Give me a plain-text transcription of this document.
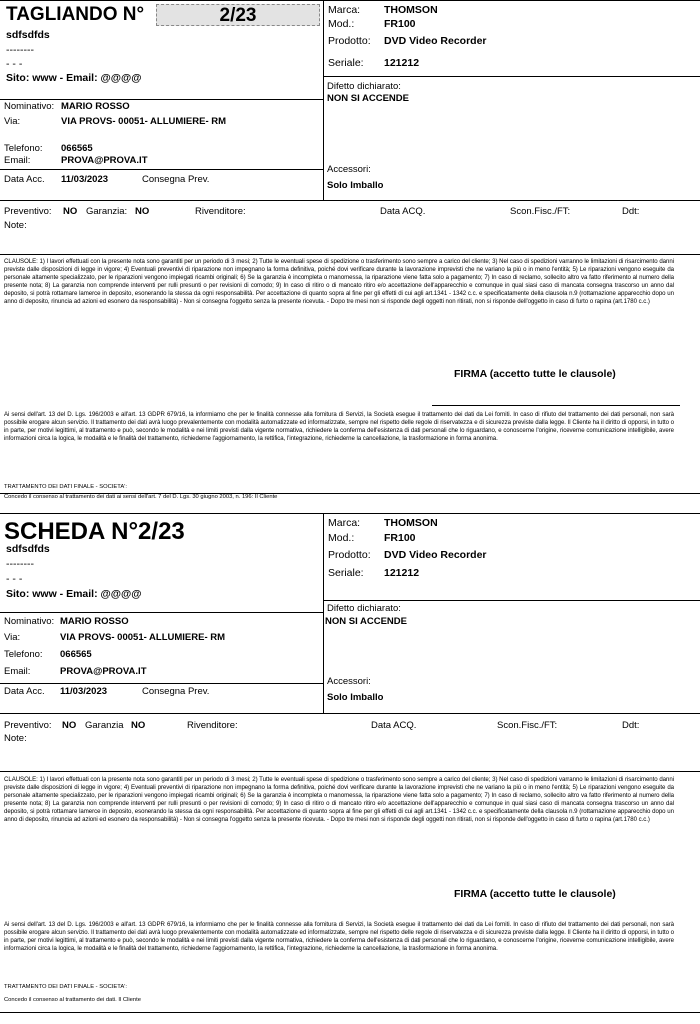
TAGLIANDO N°	2/23
sdfsdfds
--------
- - -
Sito: www - Email: @@@@
Marca: THOMSON
Mod.:	FR100
Prodotto: DVD Video Recorder
Seriale: 121212
Nominativo: MARIO ROSSO
Via:	VIA PROVS- 00051- ALLUMIERE- RM
Telefono: 066565
Email:	PROVA@PROVA.IT
Data Acc. 11/03/2023	Consegna Prev.
Difetto dichiarato:
NON SI ACCENDE
Accessori:
Solo Imballo
Preventivo: NO Garanzia: NO	Rivenditore:	Data ACQ.	Scon.Fisc./FT:	Ddt:
Note:
CLAUSOLE: 1) I lavori effettuati con la presente nota sono garantiti per un periodo di 3 mesi; 2) Tutte le eventuali spese di spedizione o trasferimento sono sempre a carico del cliente; 3) Nel caso di spedizioni varranno le limitazioni di risarcimento danni previste dalle disposizioni di legge in vigore; 4) Eventuali preventivi di riparazione non impegnano la forma definitiva, poiché dovi verificare durante la lavorazione imprevisti che ne variano la più o in meno l'entità; 5) Le riparazioni vengono eseguite da personale altamente specializzato, per le riparazioni vengono impiegati ricambi originali; 6) Se la garanzia è incompleta o manomessa, la riparazione viene fatta solo a pagamento; 7) In caso di reclamo, sollecito altro va fatto riferimento al numero della presente nota; 8) La garanzia non comprende interventi per rulli presunti o per revisioni di comodo; 9) In caso di ritiro o di mancato ritiro e/o accettazione dell'apparecchio e comunque in qual siasi caso di mancata consegna trascorso un anno dal deposito, si potrà rottamare lamerce in deposito, esonerando la stessa da ogni responsabilità. Per accettazione di quanto sopra al fine per gli effetti di cui agli art.1341 - 1342 c.c. e specificatamente della clausola n.9 (rottamazione apparecchio dopo un anno di deposito, rinuncia ad azioni ed esonero da responsabilità) - Non si consegna l'oggetto senza la presente ricevuta. - Dopo tre mesi non si risponde degli oggetti non ritirati, non si risponde dell'oggetto in caso di furto o rapina (art.1780 c.c.)
FIRMA (accetto tutte le clausole)
Ai sensi dell'art. 13 del D. Lgs. 196/2003 e all'art. 13 GDPR 679/16, la informiamo che per le finalità connesse alla fornitura di Servizi, la Società esegue il trattamento dei dati da Lei forniti. In caso di rifiuto del trattamento dei dati personali, non sarà possibile erogare alcun servizio. Il trattamento dei dati avrà luogo prevalentemente con modalità automatizzate ed informatizzate, sempre nel rispetto delle regole di riservatezza e di sicurezza previste dalla legge. Il Cliente ha il diritto di opporsi, in tutto o in parte, per motivi legittimi, al trattamento e può, secondo le modalità e nei limiti previsti dalla vigente normativa, richiedere la conferma dell'esistenza di dati personali che lo riguardano, e conoscerne l'origine, riceverne comunicazione intelligibile, avere informazioni circa la logica, le modalità e le finalità del trattamento, richiederne l'aggiornamento, la rettifica, l'integrazione, richiederne la cancellazione, la trasformazione in forma anonima.
TRATTAMENTO DEI DATI FINALE - SOCIETA':
Concedo il consenso al trattamento dei dati ai sensi dell'art. 7 del D. Lgs. 30 giugno 2003, n. 196: Il Cliente
SCHEDA N°2/23
sdfsdfds
--------
- - -
Sito: www - Email: @@@@
Marca: THOMSON
Mod.:	FR100
Prodotto: DVD Video Recorder
Seriale: 121212
Nominativo: MARIO ROSSO
Via:	VIA PROVS- 00051- ALLUMIERE- RM
Telefono: 066565
Email:	PROVA@PROVA.IT
Data Acc. 11/03/2023	Consegna Prev.
Difetto dichiarato:
NON SI ACCENDE
Accessori:
Solo Imballo
Preventivo: NO Garanzia NO	Rivenditore:	Data ACQ.	Scon.Fisc./FT:	Ddt:
Note:
CLAUSOLE: 1) I lavori effettuati con la presente nota sono garantiti per un periodo di 3 mesi; 2) Tutte le eventuali spese di spedizione o trasferimento sono sempre a carico del cliente; 3) Nel caso di spedizioni varranno le limitazioni di risarcimento danni previste dalle disposizioni di legge in vigore; 4) Eventuali preventivi di riparazione non impegnano la forma definitiva, poiché dovi verificare durante la lavorazione imprevisti che ne variano la più o in meno l'entità; 5) Le riparazioni vengono eseguite da personale altamente specializzato, per le riparazioni vengono impiegati ricambi originali; 6) Se la garanzia è incompleta o manomessa, la riparazione viene fatta solo a pagamento; 7) In caso di reclamo, sollecito altro va fatto riferimento al numero della presente nota; 8) La garanzia non comprende interventi per rulli presunti o per revisioni di comodo; 9) In caso di ritiro o di mancato ritiro e/o accettazione dell'apparecchio e comunque in qual siasi caso di mancata consegna trascorso un anno dal deposito, si potrà rottamare lamerce in deposito, esonerando la stessa da ogni responsabilità. Per accettazione di quanto sopra al fine per gli effetti di cui agli art.1341 - 1342 c.c. e specificatamente della clausola n.9 (rottamazione apparecchio dopo un anno di deposito, rinuncia ad azioni ed esonero da responsabilità) - Non si consegna l'oggetto senza la presente ricevuta. - Dopo tre mesi non si risponde degli oggetti non ritirati, non si risponde dell'oggetto in caso di furto o rapina (art.1780 c.c.)
FIRMA (accetto tutte le clausole)
Ai sensi dell'art. 13 del D. Lgs. 196/2003 e all'art. 13 GDPR 679/16, la informiamo che per le finalità connesse alla fornitura di Servizi, la Società esegue il trattamento dei dati da Lei forniti. In caso di rifiuto del trattamento dei dati personali, non sarà possibile erogare alcun servizio. Il trattamento dei dati avrà luogo prevalentemente con modalità automatizzate ed informatizzate, sempre nel rispetto delle regole di riservatezza e di sicurezza previste dalla legge. Il Cliente ha il diritto di opporsi, in tutto o in parte, per motivi legittimi, al trattamento e può, secondo le modalità e nei limiti previsti dalla vigente normativa, richiedere la conferma dell'esistenza di dati personali che lo riguardano, e conoscerne l'origine, riceverne comunicazione intelligibile, avere informazioni circa la logica, le modalità e le finalità del trattamento, richiederne l'aggiornamento, la rettifica, l'integrazione, richiederne la cancellazione, la trasformazione in forma anonima.
TRATTAMENTO DEI DATI FINALE - SOCIETA':
Concedo il consenso al trattamento dei dati. Il Cliente
